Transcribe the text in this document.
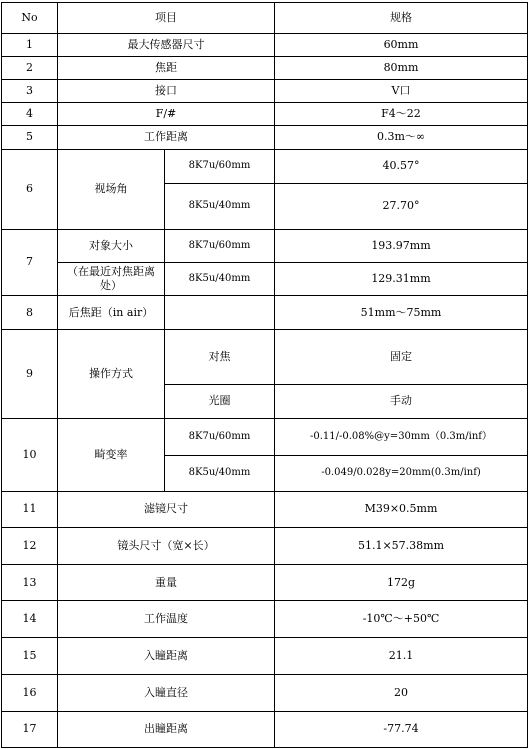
No	项目		规格
1	最大传感器尺寸		60mm
2	焦距		80mm
3	接口		V口
4	F/#		F4～22
5	工作距离		0.3m～∞
6	视场角	8K7u/60mm	40.57°
		8K5u/40mm	27.70°
7	对象大小	8K7u/60mm	193.97mm
	（在最近对焦距离处）	8K5u/40mm	129.31mm
8	后焦距（in air）		51mm～75mm
9	操作方式	对焦	固定
		光圈	手动
10	畸变率	8K7u/60mm	-0.11/-0.08%@y=30mm（0.3m/inf）
		8K5u/40mm	-0.049/0.028y=20mm(0.3m/inf)
11	滤镜尺寸		M39×0.5mm
12	镜头尺寸（宽×长）		51.1×57.38mm
13	重量		172g
14	工作温度		-10℃～+50℃
15	入瞳距离		21.1
16	入瞳直径		20
17	出瞳距离		-77.74
